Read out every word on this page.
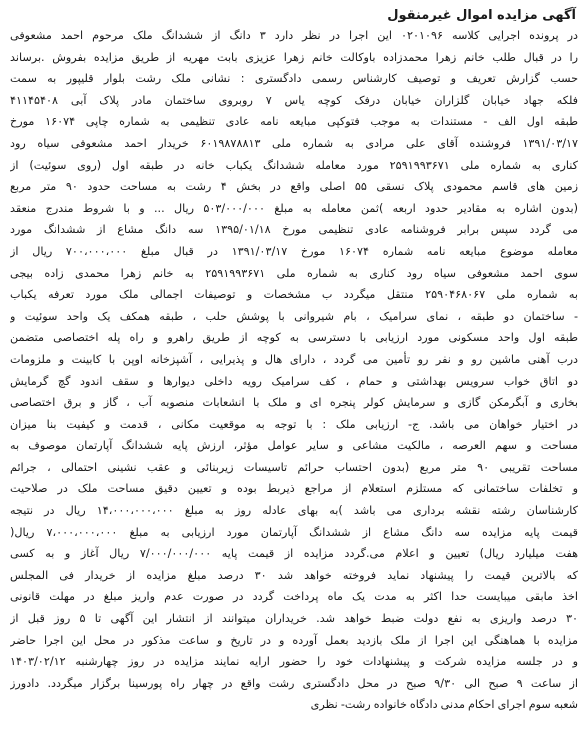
آگهی مزایده اموال غیرمنقول
در پرونده اجرایی کلاسه ۰۲۰۱۰۹۶ این اجرا در نظر دارد ۳ دانگ از ششدانگ ملک مرحوم احمد مشعوفی
را در قبال طلب خانم زهرا محمدزاده باوکالت خانم زهرا عزیزی بابت مهریه از طریق مزایده بفروش .برساند
حسب گزارش تعریف و توصیف کارشناس رسمی دادگستری : نشانی ملک رشت بلوار قلیپور به سمت
فلکه جهاد خیابان گلزاران خیابان درفک کوچه یاس ۷ روبروی ساختمان مادر پلاک آبی ۴۱۱۴۵۴۰۸
طبقه اول الف - مستندات به موجب فتوکپی مبایعه نامه عادی تنظیمی به شماره چاپی ۱۶۰۷۴ مورخ
۱۳۹۱/۰۳/۱۷ فروشنده آقای علی مرادی به شماره ملی ۶۰۱۹۸۷۸۸۱۳ خریدار احمد مشعوفی سیاه رود
کناری به شماره ملی ۲۵۹۱۹۹۳۶۷۱ مورد معامله ششدانگ یکباب خانه در طبقه اول (روی سوئیت) از
زمین های قاسم محمودی پلاک نسقی ۵۵ اصلی واقع در بخش ۴ رشت به مساحت حدود ۹۰ متر مربع
(بدون اشاره به مقادیر حدود اربعه )ثمن معامله به مبلغ ۵۰۳/۰۰۰/۰۰۰ ریال ... و با شروط مندرج منعقد
می گردد سپس برابر فروشنامه عادی تنظیمی مورخ ۱۳۹۵/۰۱/۱۸ سه دانگ مشاع از ششدانگ مورد
معامله موضوع مبایعه نامه شماره ۱۶۰۷۴ مورخ ۱۳۹۱/۰۳/۱۷ در قبال مبلغ ۷۰۰،۰۰۰،۰۰۰ ریال از
سوی احمد مشعوفی سیاه رود کناری به شماره ملی ۲۵۹۱۹۹۳۶۷۱ به خانم زهرا محمدی زاده بیجی
به شماره ملی ۲۵۹۰۴۶۸۰۶۷ منتقل میگردد ب مشخصات و توصیفات اجمالی ملک مورد تعرفه یکباب
- ساختمان دو طبقه ، نمای سرامیک ، بام شیروانی با پوشش حلب ، طبقه همکف یک واحد سوئیت و
طبقه اول واحد مسکونی مورد ارزیابی با دسترسی به کوچه از طریق راهرو و راه پله اختصاصی متضمن
درب آهنی ماشین رو و نفر رو تأمین می گردد ، دارای هال و پذیرایی ، آشپزخانه اوپن با کابینت و ملزومات
دو اتاق خواب سرویس بهداشتی و حمام ، کف سرامیک رویه داخلی دیوارها و سقف اندود گچ گرمایش
بخاری و آبگرمکن گازی و سرمایش کولر پنجره ای و ملک با انشعابات منصوبه آب ، گاز و برق اختصاصی
در اختیار خواهان می باشد. ج- ارزیابی ملک : با توجه به موقعیت مکانی ، قدمت و کیفیت بنا میزان
مساحت و سهم العرصه ، مالکیت مشاعی و سایر عوامل مؤثر، ارزش پایه ششدانگ آپارتمان موصوف به
مساحت تقریبی ۹۰ متر مربع (بدون احتساب حرائم تاسیسات زیربنائی و عقب نشینی احتمالی ، جرائم
و تخلفات ساختمانی که مستلزم استعلام از مراجع ذیربط بوده و تعیین دقیق مساحت ملک در صلاحیت
کارشناسان رشته نقشه برداری می باشد )به بهای عادله روز به مبلغ ۱۴،۰۰۰،۰۰۰،۰۰۰ ریال در نتیجه
قیمت پایه مزایده سه دانگ مشاع از ششدانگ آپارتمان مورد ارزیابی به مبلغ ۷،۰۰۰،۰۰۰،۰۰۰ ریال(
هفت میلیارد ریال) تعیین و اعلام می.گردد مزایده از قیمت پایه ۷/۰۰۰/۰۰۰/۰۰۰ ریال آغاز و به کسی
که بالاترین قیمت را پیشنهاد نماید فروخته خواهد شد ۳۰ درصد مبلغ مزایده از خریدار فی المجلس
اخذ مابقی میبایست حدا اکثر به مدت یک ماه پرداخت گردد در صورت عدم واریز مبلغ در مهلت قانونی
۳۰ درصد واریزی به نفع دولت ضبط خواهد شد. خریداران میتوانند از انتشار این آگهی تا ۵ روز قبل از
مزایده با هماهنگی این اجرا از ملک بازدید بعمل آورده و در تاریخ و ساعت مذکور در محل این اجرا حاضر
و در جلسه مزایده شرکت و پیشنهادات خود را حضور ارایه نمایند مزایده در روز چهارشنبه ۱۴۰۳/۰۲/۱۲
از ساعت ۹ صبح الی ۹/۳۰ صبح در محل دادگستری رشت واقع در چهار راه پورسینا برگزار میگردد. دادورز
شعبه سوم اجرای احکام مدنی دادگاه خانواده رشت- نظری
